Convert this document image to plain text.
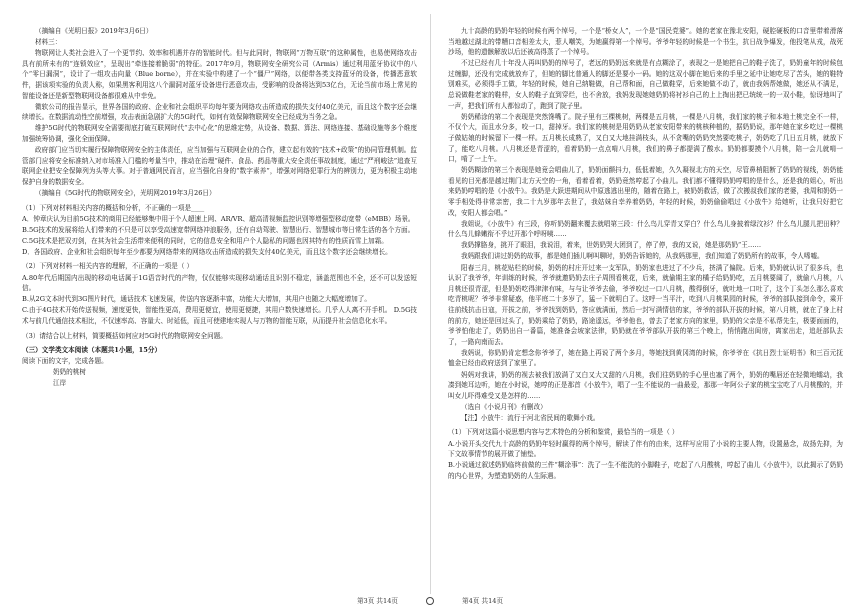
（摘编自《光明日报》2019年3月6日）

材料三：

物联网让人类社会进入了一个更节约、效率和机遇并存的智能时代。但与此同时，物联网“万物互联”的这种属性，也易使网络攻击具有前所未有的“连锁效应”，呈现出“牵连接着脆弱”的特征。2017年9月，物联网安全研究公司（Armis）通过利用蓝牙协议中的八个“零日漏洞”，设计了一组攻击向量（Blue borne），并在实验中构建了一个“僵尸”网络，以便带各类支持蓝牙的设备，传播恶意软件，据该项实验的负责人称，如果黑客利用这八个漏洞对蓝牙设备进行恶意攻击，受影响的设备将达到53亿台，无论当前市场上常见的智能设备还是新型物联网设备都很难从中幸免。

微软公司的报告显示，世界各国的政府、企业和社会组织平均每年要为网络攻击所造成的损失支付40亿美元，而且这个数字还会继续增长。在数据流动性空前增强，攻击表面急剧扩大的5G时代，如何有效保障物联网安全已经成为当务之急。

维护5G时代的物联网安全需要彻底打破互联网时代“去中心化”的思维定势，从设备、数据、算法、网络连接、基础设施等多个维度加强统筹协调，强化全面保障。

政府部门应当切实履行保障物联网安全的主体责任，应当加强与互联网企业的合作，建立起有效的“技术+政策”的协同管理机制。监管部门应将安全标准纳入对市场准入门槛的考量当中，推动在治理“硬件、食品、药品等重大安全责任事故制度，通过“严刑峻法”追查互联网企业把安全保障列为头等大事。对于普通网民而言，应当强化自身的“数字素养”，增强对网络犯罪行为的辨别力，更为积极主动地保护自身的数据安全。

（摘编自《5G时代的物联网安全》，光明网2019年3月26日）

（1）下列对材料相关内容的概括和分析，不正确的一项是____

A．钟章庆认为目前5G技术的商用已经能够集中用于个人超速上网、AR/VR、超高清视频监控识别等增强型移动宽带（eMBB）场景。

B.5G技术的发展将给人们带来的不只是可以享受高速宽带网络冲浪服务，还有自动驾驶、智慧出行、智慧城市等日常生活的各个方面。

C.5G技术是把双刃剑，在其为社会生活带来便利的同时，它的信息安全和用户个人隐私的问题也因其特有的性质而雪上加霜。

D．各国政府、企业和社会组织每年至少都要为网络带来的网络攻击所造成的损失支付40亿美元，而且这个数字还会继续增长。

（2）下列对材料一相关内容的理解，不正确的一项是（ ）

A.80年代后期国内出现的移动电话属于1G语音时代的产物，仅仅能够实现移动通话且识别不稳定，涵盖范围也不全，还不可以发送短信。

B.从2G文本时代到3G图片时代，通话技术飞速发展，传送内容逐渐丰富，功能大大增加，其用户也随之大幅度增加了。

C.由于4G技术开始传送视频，速度更快，智能性更高，费用更便宜，使用更便捷，其用户数快速增长。几乎人人离不开手机。 D.5G技术与前几代通信技术相比，不仅速率高、容量大、时延低，而且可使建地实现人与万物的智能互联，从而提升社会信息化水平。

（3）请结合以上材料，简要概括如何应对5G时代的物联网安全问题。

（三）文学类文本阅读（本题共1小题，15分）

阅读下面的文字，完成各题。

奶奶的桃树

江岸

九十高龄的奶奶年轻的时候有两个绰号，一个是“桥女人”，一个是“国民党婆”。她的老家在豫北安阳，硬腔硬板的口音里带着滑落当地越过湖北的带糟口音相差太大，惹人嘲笑，为她赢得第一个绰号。爷爷年轻的时候是一个书生，抗日战争爆发，他投笔从戎，战死沙场，他的遗骸解放以后还被高得蒸了一个绰号。

不过已经有几十年没人再叫奶奶的绰号了，老远的奶奶远来就是有点糊涂了，表现之一是她把自己的鞋子洗了，奶奶童年的时候包过缠脚，还没有完成就放弃了，但她的脚比普通人的脚还是要小一码。她的这双小脚在她后来的手里之延中让她吃尽了苦头，她的鞋特别难买，必须得手工做，年轻的时候，她自己纳鞋做，自己帮和面，自己做鞋穿，后来她做不动了，就由我妈帮她做，她还从不满足，总说做鞋老家的鞋样，女人的鞋子直到穿烂，也不舍放，我妈发现她她奶奶将衬衫自己的上上掏出把已统统一的一双小鞋，惊讶地叫了一声，把我们所有人都惊动了，跑到了院子里。

奶奶稀涂的第二个表现是突然馋嘴了。院子里有三棵桃树，两棵是五月桃，一棵是八月桃，我们家的桃子和本地土桃完全不一样，不仅个大，而且水分多，咬一口，甜掉牙。我们家的桃树是用奶奶从老家安阳带来的桃核种植的，据奶奶说，那年她在家乡吃过一棵桃子做姑娘的时候留下一棵一样。五月桃长成熟了，又白又大地挂满枝头，从不贪嘴的奶奶突然要吃桃子，奶奶吃了几日五月桃，就放下了，能吃八月桃。八月桃还是青涩的，看着奶奶一点点啃八月桃，我们的鼻子都提满了酸水。奶奶都要摸个八月桃，陪一会儿就啃一口，啃了一上午。

奶奶糊涂的第三个表现是她竟会唱曲儿了，奶奶面颤抖力，低低着她，久久凝视北方的天空，尽管鼻梢阻断了奶奶的视线，奶奶能看见的目光都是越过荆门北方天空的一角，看着看着，奶奶竟然哼起了小曲儿。我们都不懂得奶奶哼唱的是什么，还是我的姐心，听出来奶奶哼唱的是《小放牛》。我奶是大跃进期间从中原逃逃出里的，随着在路上，被奶奶救活，做了次搬叔我们家的老婆，我周和奶奶一零手相处得非常亲密，我二十九岁那年去世了，我姑妹自幸养着奶奶，年轻的时候，奶奶偷偷唱过《小放牛》给她听，让我只好把它改，安阳人都会唱。”

我姐说，《小放牛》有三段，你听奶奶翻来覆去就唱第三段：什么鸟儿穿青又穿白？什么鸟儿身披着绿汶衫？什么鸟儿腿儿把田种？什么鸟儿蜂嫩衔不乎过开那个呼呀咦……

我奶撑胳身，挑开了眼泪，我说泪，着来，世奶奶哭大团到了，停了停，我的又说，她是那奶奶“王……

我妈跟我们讲过奶奶的故事，都是她们插儿啊叫聊时，奶奶告诉她的，从我妈那里，我们知道了奶奶所有的故事，令人唏嘘。

阳春三月，桃花贴栏的时候，奶奶的村庄开过来一支军队，奶奶家也进过了不少兵，挤满了偏院。后来，奶奶就认识了很多兵，也认识了我爷爷，年训练的时候，爷爷就邀奶奶去庄子周围看桃花，后来，就偷期主家的橘子给奶奶吃，五月桃要阔了，就偷八月桃，八月桃还很青涩，但是奶奶吃得津津有味，与与让爷爷去偷，爷爷咬过一口八月桃，酸得倒牙，就吐地一口吐了，这个丁头怎么那么喜欢吃青桃呢？爷爷非常疑惑，他平庭二十多岁了，猛一下就明白了。这呼一当平汁，吃到八月桃果园的时候，爷爷的部队接到命令，乘开往前线抗击日寇，开拔之前，爷爷找到奶奶，答应就满面，然后一封写满情信的家，爷爷的部队开拔的时候，第八月桃，就在了身上村的前方，她还是回过头了，奶奶乘给了奶奶，路途遥远，爷爷他也，曾去了老家方向的家里，奶奶的父亲是不私帮先生，极要面面的，爷爷怕他走了，奶奶出自一番篇，她准备会坡家法律，奶奶就在爷爷部队开拔的第三个晚上，悄悄跑出闺房，离家出走，追赶部队去了，一路向南而去。

我妈说，你奶奶肯定想念你爷爷了，她在路上再说了两个多月，等她找到黄冈湾的时候，你爷爷在《抗日烈士证明书》和三百元抚恤金已经由政府送到了家里了。

妈妈对我讲，奶奶的视去被我们放满了又白又大又甜的八月桃，我们往奶奶的手心里也塞了两个，奶奶的嘴唇还在轻微地蠕动，我凑到她耳边听，她在小时说，她哼的正是那首《小放牛》，唱了一生不能说的一曲最爱，那那一年阿公子家的桃宝宝吃了八月桃酸的，并叫女儿吓得难受又是怎样的……

（选自《小说月刊》有删改）

【注】小放牛：流行于河北省民间的歌舞小戏。

（1）下列对这篇小说思想内容与艺术特色的分析和鉴赏，最恰当的一项是（ ）

A.小说开头交代九十高龄的奶奶年轻时赢得的两个绰号，解读了伴有的由来，这样写应用了小说的主要人物，设置悬念，故扬先抑，为下文故事情节的展开做了铺垫。

B.小说通过叙述奶奶临终前做的三件“糊涂事”：洗了一生不能洗的小脚鞋子，吃起了八月酸桃，哼起了曲儿《小放牛》，以此揭示了奶奶的内心世界，为塑造奶奶的人生际遇。

第3页 共14页	第4页 共14页
